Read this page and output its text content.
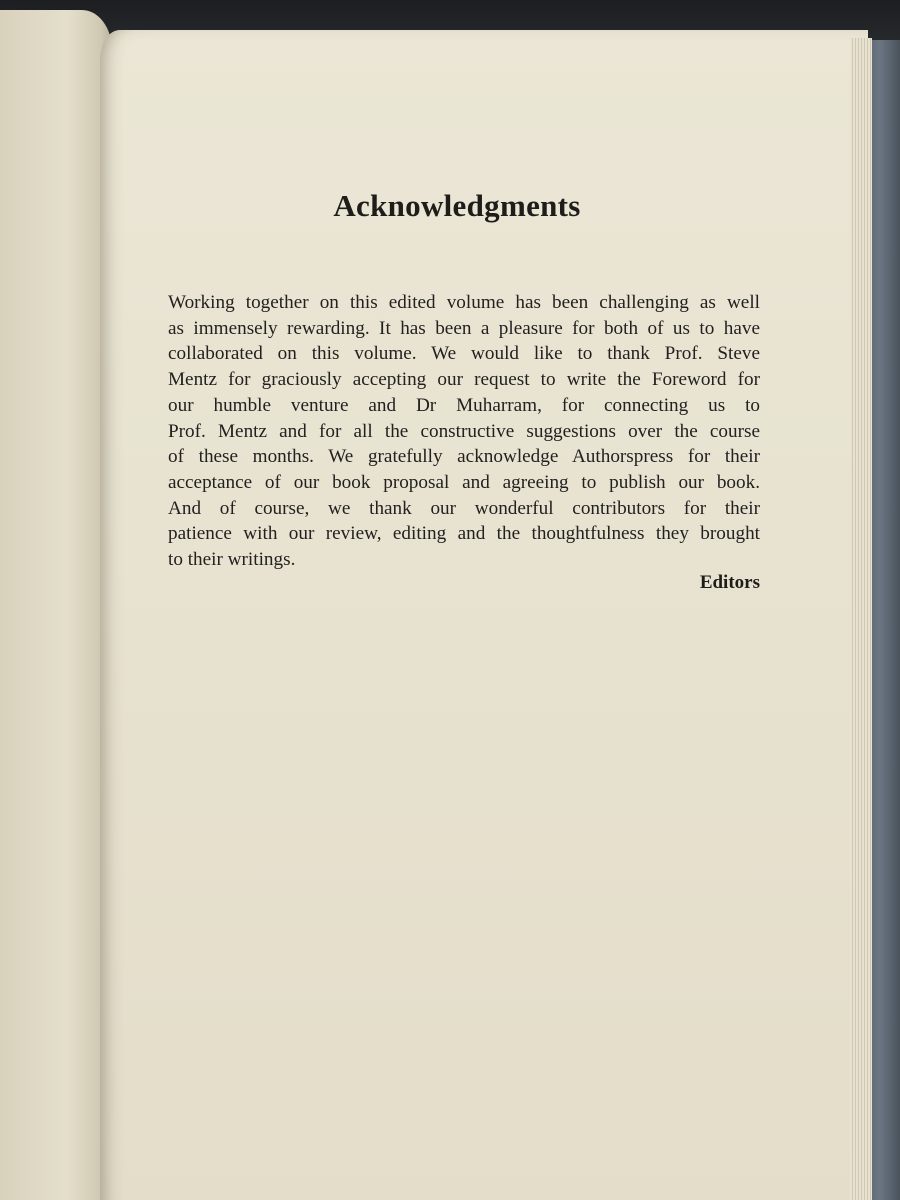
Acknowledgments
Working together on this edited volume has been challenging as well
as immensely rewarding. It has been a pleasure for both of us to have
collaborated on this volume. We would like to thank Prof. Steve
Mentz for graciously accepting our request to write the Foreword for
our humble venture and Dr Muharram, for connecting us to
Prof. Mentz and for all the constructive suggestions over the course
of these months. We gratefully acknowledge Authorspress for their
acceptance of our book proposal and agreeing to publish our book.
And of course, we thank our wonderful contributors for their
patience with our review, editing and the thoughtfulness they brought
to their writings.
Editors
